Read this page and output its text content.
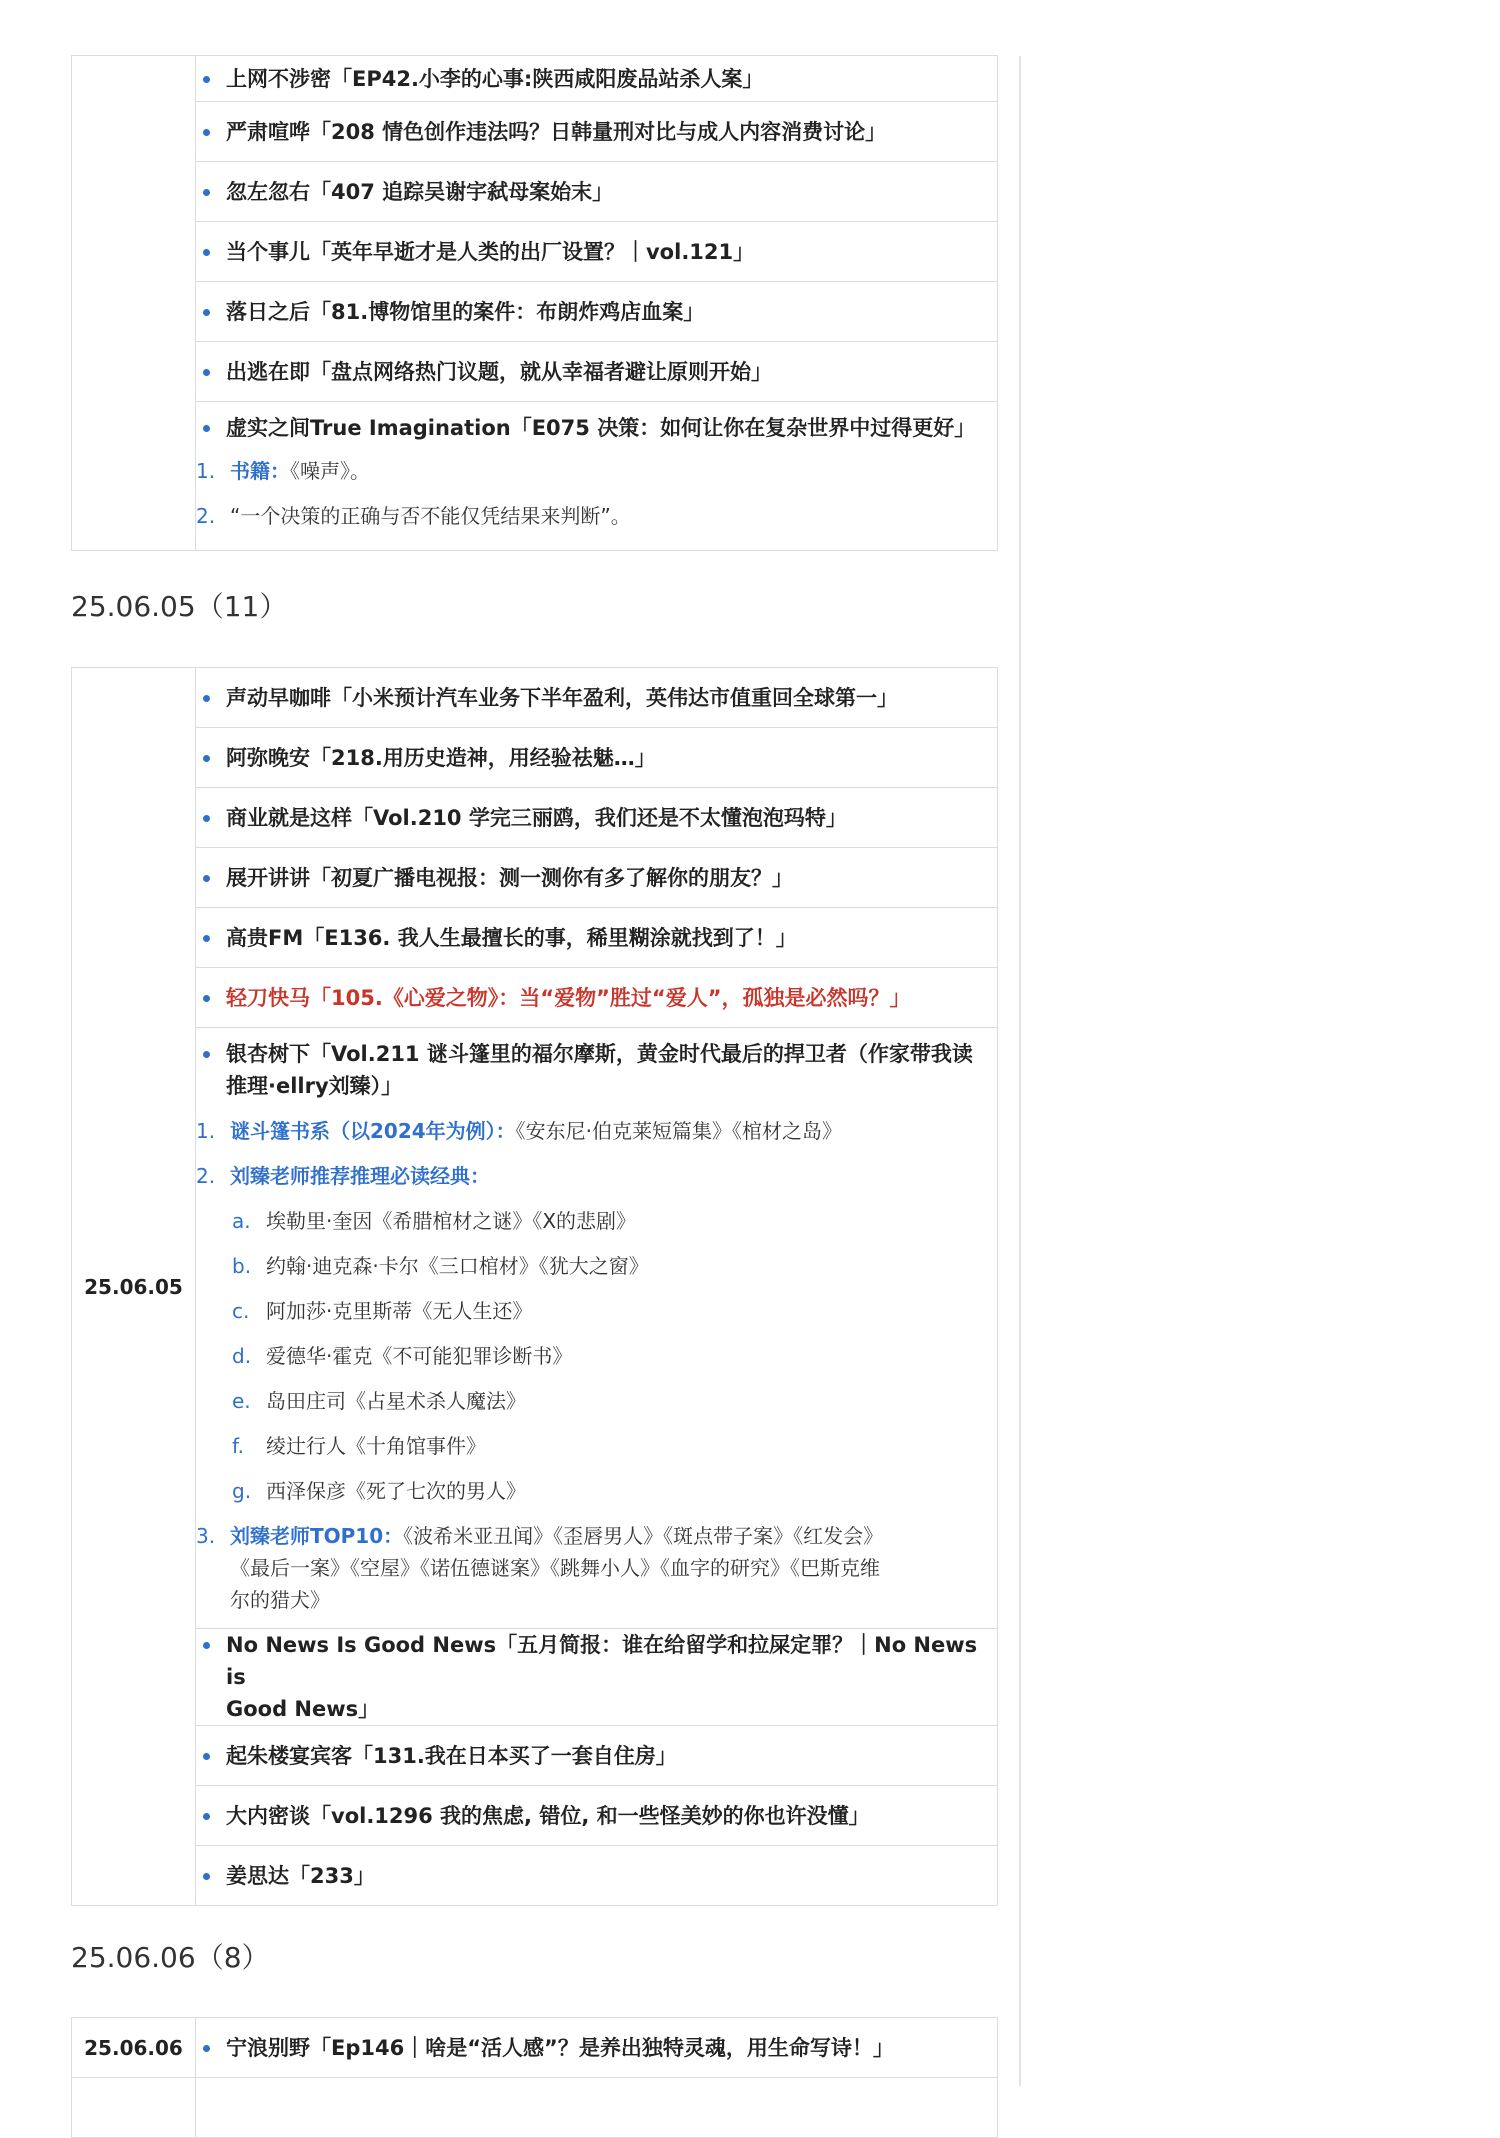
上网不涉密「EP42.小李的心事:陕西咸阳废品站杀人案」

严肃喧哗「208 情色创作违法吗？日韩量刑对比与成人内容消费讨论」

忽左忽右「407 追踪吴谢宇弑母案始末」

当个事儿「英年早逝才是人类的出厂设置？｜vol.121」

落日之后「81.博物馆里的案件：布朗炸鸡店血案」

出逃在即「盘点网络热门议题，就从幸福者避让原则开始」

虚实之间True Imagination「E075 决策：如何让你在复杂世界中过得更好」
1. 书籍：《噪声》。
2. “一个决策的正确与否不能仅凭结果来判断”。
25.06.05（11）
25.06.05	
声动早咖啡「小米预计汽车业务下半年盈利，英伟达市值重回全球第一」

阿弥晚安「218.用历史造神，用经验祛魅…」

商业就是这样「Vol.210 学完三丽鸥，我们还是不太懂泡泡玛特」

展开讲讲「初夏广播电视报：测一测你有多了解你的朋友？」

高贵FM「E136. 我人生最擅长的事，稀里糊涂就找到了！」

轻刀快马「105.《心爱之物》：当“爱物”胜过“爱人”，孤独是必然吗？」

银杏树下「Vol.211 谜斗篷里的福尔摩斯，黄金时代最后的捍卫者（作家带我读
推理·ellry刘臻）」
1. 谜斗篷书系（以2024年为例）：《安东尼·伯克莱短篇集》《棺材之岛》
2. 刘臻老师推荐推理必读经典：
a. 埃勒里·奎因《希腊棺材之谜》《X的悲剧》
b. 约翰·迪克森·卡尔《三口棺材》《犹大之窗》
c. 阿加莎·克里斯蒂《无人生还》
d. 爱德华·霍克《不可能犯罪诊断书》
e. 岛田庄司《占星术杀人魔法》
f.	绫辻行人《十角馆事件》
g. 西泽保彦《死了七次的男人》
3. 刘臻老师TOP10：《波希米亚丑闻》《歪唇男人》《斑点带子案》《红发会》
《最后一案》《空屋》《诺伍德谜案》《跳舞小人》《血字的研究》《巴斯克维
尔的猎犬》

No News Is Good News「五月简报：谁在给留学和拉屎定罪？｜No News is
Good News」

起朱楼宴宾客「131.我在日本买了一套自住房」

大内密谈「vol.1296 我的焦虑, 错位, 和一些怪美妙的你也许没懂」

姜思达「233」
25.06.06（8）
25.06.06	宁浪别野「Ep146｜啥是“活人感”？是养出独特灵魂，用生命写诗！」
